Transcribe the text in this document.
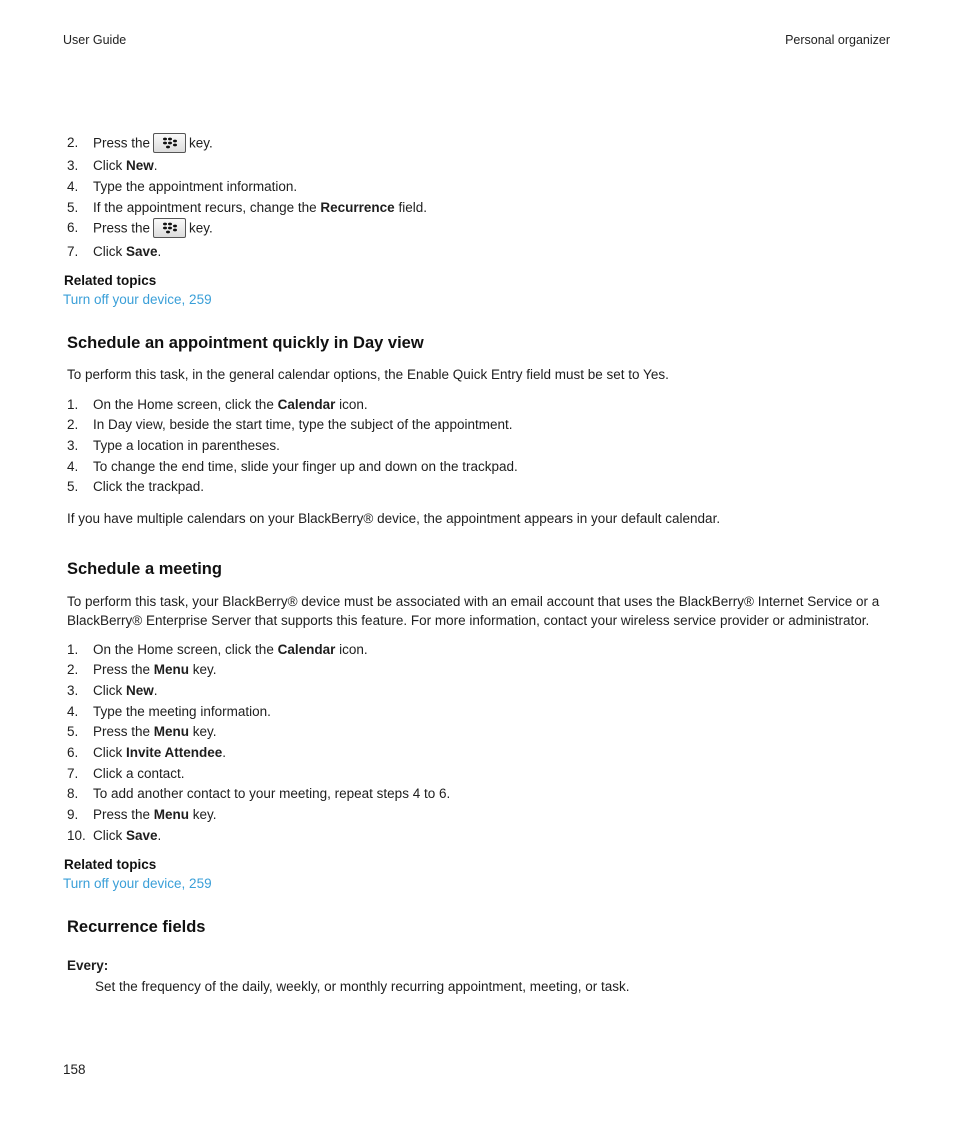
User Guide	Personal organizer
2. Press the	key.
3. Click New.
4. Type the appointment information.
5. If the appointment recurs, change the Recurrence field.
6. Press the	key.
7. Click Save.
Related topics
Turn off your device, 259
Schedule an appointment quickly in Day view
To perform this task, in the general calendar options, the Enable Quick Entry field must be set to Yes.
1. On the Home screen, click the Calendar icon.
2. In Day view, beside the start time, type the subject of the appointment.
3. Type a location in parentheses.
4. To change the end time, slide your finger up and down on the trackpad.
5. Click the trackpad.
If you have multiple calendars on your BlackBerry® device, the appointment appears in your default calendar.
Schedule a meeting
To perform this task, your BlackBerry® device must be associated with an email account that uses the BlackBerry® Internet Service or a
BlackBerry® Enterprise Server that supports this feature. For more information, contact your wireless service provider or administrator.
1. On the Home screen, click the Calendar icon.
2. Press the Menu key.
3. Click New.
4. Type the meeting information.
5. Press the Menu key.
6. Click Invite Attendee.
7. Click a contact.
8. To add another contact to your meeting, repeat steps 4 to 6.
9. Press the Menu key.
10. Click Save.
Related topics
Turn off your device, 259
Recurrence fields
Every:
Set the frequency of the daily, weekly, or monthly recurring appointment, meeting, or task.
158
